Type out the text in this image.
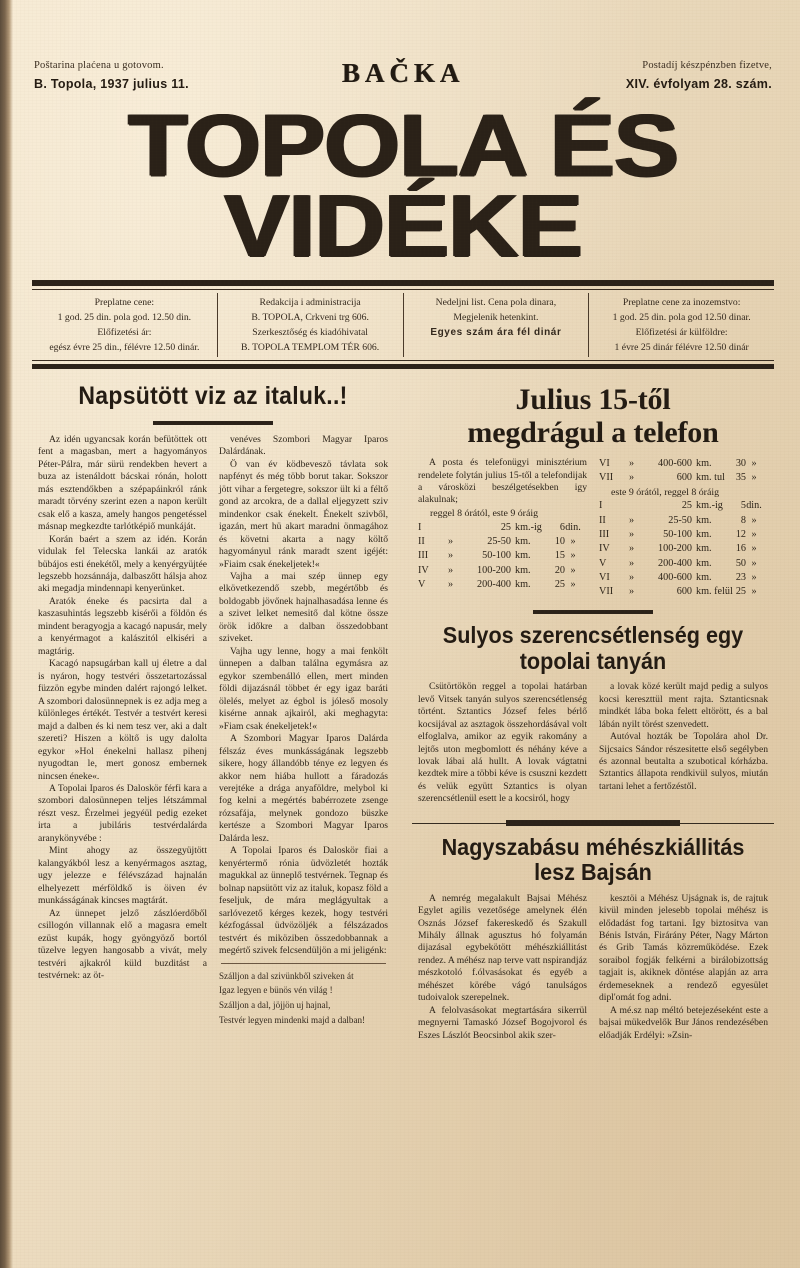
Poštarina plaćena u gotovom.
B. Topola, 1937 julius 11.	BAČKA	Postadíj készpénzben fizetve,
XIV. évfolyam 28. szám.
TOPOLA ÉS VIDÉKE
Preplatne cene:
1 god. 25 din. pola god. 12.50 din.
Előfizetési ár:
egész évre 25 din., félévre 12.50 dinár.
Redakcija i administracija
B. TOPOLA, Crkveni trg 606.
Szerkesztőség és kiadóhivatal
B. TOPOLA TEMPLOM TÉR 606.
Nedeljni list. Cena pola dinara,
Megjelenik hetenkint.
Egyes szám ára fél dinár
Preplatne cene za inozemstvo:
1 god. 25 din. pola god 12.50 dinar.
Előfizetési ár külföldre:
1 évre 25 dinár félévre 12.50 dinár
Napsütött viz az italuk..!

Az idén ugyancsak korán befütöttek ott fent a magasban, mert a hagyományos Péter-Pálra, már sürü rendekben hevert a buza az istenáldott bácskai rónán, holott más esztendőkben a szépapáinkról ránk maradt törvény szerint ezen a napon került csak elő a kasza, amely hangos pengetéssel másnap megkezdte tarlótképiő munkáját.

Korán baért a szem az idén. Korán vidulak fel Telecska lankái az aratók bübájos esti énekétől, mely a kenyérgyüjtée legszebb hozsánnája, dalbaszőtt hálsja ahoz aki megadja mindennapi kenyerünket.

Aratók éneke és pacsirta dal a kaszasuhintás legszebb kisérői a földön és mindent beragyogja a kacagó napusár, mely a kenyérmagot a kalászitól elkiséri a magtárig.

Kacagó napsugárban kall uj életre a dal is nyáron, hogy testvéri összetartozással füzzön egybe minden dalért rajongó lelket. A szombori dalosünnepnek is ez adja meg a különleges értékét. Testvér a testvért keresi majd a dalben és ki nem tesz ver, aki a dalt szereti? Hiszen a költő is ugy dalolta egykor »Hol énekelni hallasz pihenj nyugodtan le, mert gonosz embernek nincsen éneke«.

A Topolai Iparos és Daloskör férfi kara a szombori dalosünnepen teljes létszámmal részt vesz. Érzelmei jegyéül pedig ezeket irta a jubiláris testvérdalárda aranykönyvébe :

Mint ahogy az összegyüjtött kalangyákból lesz a kenyérmagos asztag, ugy jelezze e félévszázad hajnalán elhelyezett mérföldkő is öiven év munkásságának kincses magtárát.

Az ünnepet jelző zászlóerdőből csillogón villannak elő a magasra emelt ezüst kupák, hogy gyöngyöző bortól tüzelve legyen hangosabb a vivát, mely testvéri ajkakról küld buzditást a testvérnek: az öt-

venéves Szombori Magyar Iparos Dalárdának.

Ö van év ködbeveszö távlata sok napfényt és még több borut takar. Sokszor jött vihar a fergetegre, sokszor ült ki a féltő gond az arcokra, de a dallal eljegyzett sziv mindenkor csak énekelt. Énekelt szivből, igazán, mert hü akart maradni önmagához és követni akarta a nagy költő hagyományul ránk maradt szent igéjét: »Fiaim csak énekeljetek!«

Vajha a mai szép ünnep egy elkövetkezendő szebb, megértőbb és boldogabb jövőnek hajnalhasadása lenne és a szivet lelket nemesitő dal kötne össze örök időkre a dalban összedobbant sziveket.

Vajha ugy lenne, hogy a mai fenkölt ünnepen a dalban találna egymásra az egykor szembenálló ellen, mert minden földi dijazásnál többet ér egy igaz baráti ölelés, melyet az égbol is jóleső mosoly kisérne annak ajkairól, aki meghagyta: »Fiam csak énekeljetek!«

A Szombori Magyar Iparos Dalárda félszáz éves munkásságának legszebb sikere, hogy állandóbb ténye ez legyen és akkor nem hiába hullott a fáradozás verejtéke a drága anyaföldre, melybol ki fog kelni a megértés babérrozete zsenge rózsafája, melynek gondozo büszke kertésze a Szombori Magyar Iparos Dalárda lesz.

A Topolai Iparos és Daloskör fiai a kenyértermő rónia üdvözletét hozták magukkal az ünneplő testvérnek. Tegnap és bolnap napsütött viz az italuk, kopasz föld a feseljuk, de mára meglágyultak a sarlóvezető kérges kezek, hogy testvéri kézfogással üdvözöljék a félszázados testvért és miköziben összedobbannak a megértő szivek felcsendüljön a mi jeligénk:

Szálljon a dal szivünkből sziveken át
Igaz legyen e bünös vén világ !
Szálljon a dal, jöjjön uj hajnal,
Testvér legyen mindenki majd a dalban!
Julius 15-től
megdrágul a telefon

A posta és telefonügyi minisztérium rendelete folytán julius 15-től a telefondijak a városközi beszélgetésekben igy alakulnak;

reggel 8 órától, este 9 óráig
I	25 km.-ig	6 din.
II	»	25-50 km.	10 »
III	»	50-100 km.	15 »
IV	»	100-200 km.	20 »
V	»	200-400 km.	25 »
VI	»	400-600 km.	30 »
VII	»	600 km. tul	35 »
este 9 órától, reggel 8 óráig
I	25 km.-ig	5 din.
II	»	25-50 km.	8 »
III	»	50-100 km.	12 »
IV	»	100-200 km.	16 »
V	»	200-400 km.	50 »
VI	»	400-600 km.	23 »
VII	»	600 km. felül 25 »
Sulyos szerencsétlenség egy
topolai tanyán

Csütörtökön reggel a topolai határban levő Vitsek tanyán sulyos szerencsétlenség történt. Sztantics József feles bérlő kocsijával az asztagok összehordásával volt elfoglalva, amikor az egyik rakomány a lejtős uton megbomlott és néhány kéve a lovak lábai alá hullt. A lovak vágtatni kezdtek mire a többi kéve is csuszni kezdett és velük együtt Sztantics is olyan szerencsétlenül esett le a kocsiról, hogy

a lovak közé került majd pedig a sulyos kocsi kereszttül ment rajta. Sztanticsnak mindkét lába boka felett eltörött, és a bal lábán nyilt törést szenvedett.

Autóval hozták be Topolára ahol Dr. Sijcsaics Sándor részesitette első segélyben és azonnal beutalta a szubotical kórházba. Sztantics állapota rendkivül sulyos, miután tartani lehet a fertőzéstől.

Nagyszabásu méhészkiállitás
lesz Bajsán

A nemrég megalakult Bajsai Méhész Egylet agilis vezetősége amelynek élén Osznás József fakereskedő és Szakull Mihály állnak agusztus hó folyamán dijazásal egybekötött méhészkiállitást rendez. A méhész nap terve vatt nspirandjáz mészkotoló f.ólvasásokat és egyéb a méhészet körébe vágó tanulságos tudoivalok szerepelnek.

A felolvasásokat megtartására sikerrül megnyerni Tamaskó József Bogojvorol és Eszes Lászlót Beocsinbol akik szer-

kesztöi a Méhész Ujságnak is, de rajtuk kivül minden jelesebb topolai méhész is elődadást fog tartani. Igy biztositva van Bénis István, Firárány Péter, Nagy Márton és Grib Tamás közreműködése. Ezek soraibol fogják felkérni a birálobizottság tagjait is, akiknek döntése alapján az arra érdemeseknek a rendező egyesület dipl'omát fog adni.

A mé.sz nap méltó betejezéseként este a bajsai mükedvelők Bur János rendezésében előadják Erdélyi: »Zsin-
